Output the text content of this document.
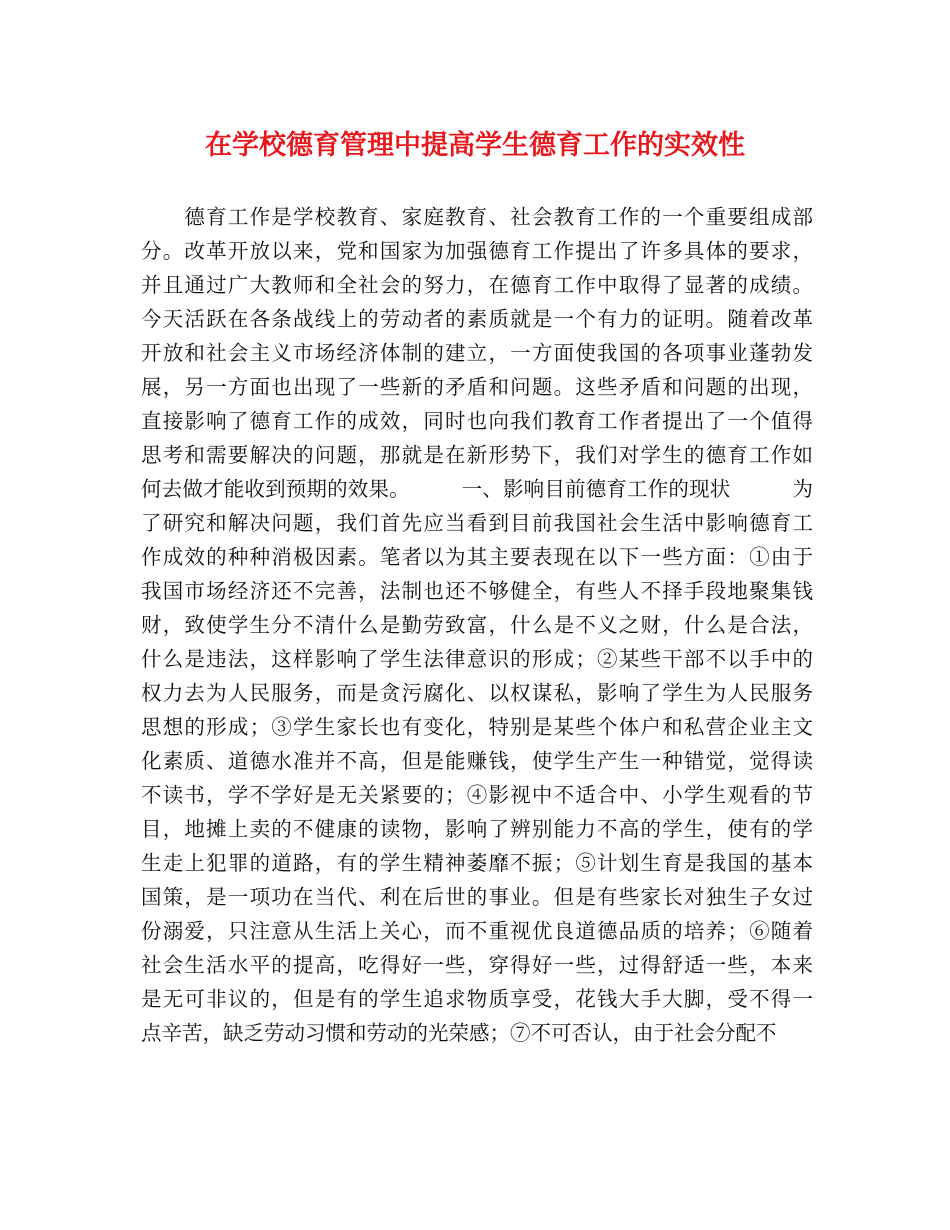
在学校德育管理中提高学生德育工作的实效性
　　德育工作是学校教育、家庭教育、社会教育工作的一个重要组成部
分。改革开放以来，党和国家为加强德育工作提出了许多具体的要求，
并且通过广大教师和全社会的努力，在德育工作中取得了显著的成绩。
今天活跃在各条战线上的劳动者的素质就是一个有力的证明。随着改革
开放和社会主义市场经济体制的建立，一方面使我国的各项事业蓬勃发
展，另一方面也出现了一些新的矛盾和问题。这些矛盾和问题的出现，
直接影响了德育工作的成效，同时也向我们教育工作者提出了一个值得
思考和需要解决的问题，那就是在新形势下，我们对学生的德育工作如
何去做才能收到预期的效果。　　　一、影响目前德育工作的现状　　　为
了研究和解决问题，我们首先应当看到目前我国社会生活中影响德育工
作成效的种种消极因素。笔者以为其主要表现在以下一些方面：①由于
我国市场经济还不完善，法制也还不够健全，有些人不择手段地聚集钱
财，致使学生分不清什么是勤劳致富，什么是不义之财，什么是合法，
什么是违法，这样影响了学生法律意识的形成；②某些干部不以手中的
权力去为人民服务，而是贪污腐化、以权谋私，影响了学生为人民服务
思想的形成；③学生家长也有变化，特别是某些个体户和私营企业主文
化素质、道德水准并不高，但是能赚钱，使学生产生一种错觉，觉得读
不读书，学不学好是无关紧要的；④影视中不适合中、小学生观看的节
目，地摊上卖的不健康的读物，影响了辨别能力不高的学生，使有的学
生走上犯罪的道路，有的学生精神萎靡不振；⑤计划生育是我国的基本
国策，是一项功在当代、利在后世的事业。但是有些家长对独生子女过
份溺爱，只注意从生活上关心，而不重视优良道德品质的培养；⑥随着
社会生活水平的提高，吃得好一些，穿得好一些，过得舒适一些，本来
是无可非议的，但是有的学生追求物质享受，花钱大手大脚，受不得一
点辛苦，缺乏劳动习惯和劳动的光荣感；⑦不可否认，由于社会分配不
